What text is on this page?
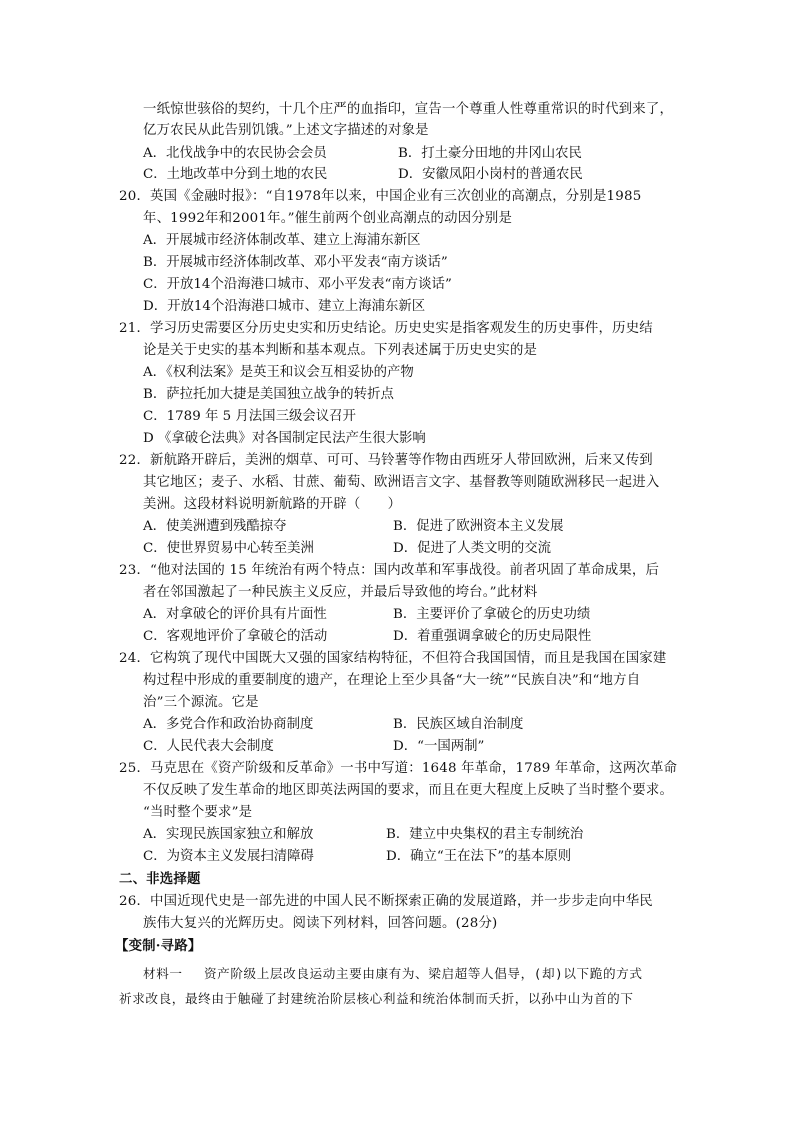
一纸惊世骇俗的契约，十几个庄严的血指印，宣告一个尊重人性尊重常识的时代到来了，
亿万农民从此告别饥饿。”上述文字描述的对象是
A．北伐战争中的农民协会会员	B．打土豪分田地的井冈山农民
C．土地改革中分到土地的农民	D．安徽凤阳小岗村的普通农民
20．英国《金融时报》：“自1978年以来，中国企业有三次创业的高潮点，分别是1985
年、1992年和2001年。”催生前两个创业高潮点的动因分别是
A．开展城市经济体制改革、建立上海浦东新区
B．开展城市经济体制改革、邓小平发表“南方谈话”
C．开放14个沿海港口城市、邓小平发表“南方谈话”
D．开放14个沿海港口城市、建立上海浦东新区
21．学习历史需要区分历史史实和历史结论。历史史实是指客观发生的历史事件，历史结
论是关于史实的基本判断和基本观点。下列表述属于历史史实的是
A．《权利法案》是英王和议会互相妥协的产物
B．萨拉托加大捷是美国独立战争的转折点
C．1789 年 5 月法国三级会议召开
D 《拿破仑法典》对各国制定民法产生很大影响
22．新航路开辟后，美洲的烟草、可可、马铃薯等作物由西班牙人带回欧洲，后来又传到
其它地区；麦子、水稻、甘蔗、葡萄、欧洲语言文字、基督教等则随欧洲移民一起进入
美洲。这段材料说明新航路的开辟（　　）
A．使美洲遭到残酷掠夺	B．促进了欧洲资本主义发展
C．使世界贸易中心转至美洲	D．促进了人类文明的交流
23．“他对法国的 15 年统治有两个特点：国内改革和军事战役。前者巩固了革命成果，后
者在邻国激起了一种民族主义反应，并最后导致他的垮台。”此材料
A．对拿破仑的评价具有片面性	B．主要评价了拿破仑的历史功绩
C．客观地评价了拿破仑的活动	D．着重强调拿破仑的历史局限性
24．它构筑了现代中国既大又强的国家结构特征，不但符合我国国情，而且是我国在国家建
构过程中形成的重要制度的遗产，在理论上至少具备“大一统”“民族自决”和“地方自
治”三个源流。它是
A．多党合作和政治协商制度	B．民族区域自治制度
C．人民代表大会制度	D．“一国两制”
25．马克思在《资产阶级和反革命》一书中写道：1648 年革命，1789 年革命，这两次革命
不仅反映了发生革命的地区即英法两国的要求，而且在更大程度上反映了当时整个要求。
“当时整个要求”是
A．实现民族国家独立和解放	B．建立中央集权的君主专制统治
C．为资本主义发展扫清障碍	D．确立“王在法下”的基本原则
二、非选择题
26．中国近现代史是一部先进的中国人民不断探索正确的发展道路，并一步步走向中华民
族伟大复兴的光辉历史。阅读下列材料，回答问题。(28分)
【变制·寻路】
材料一　 资产阶级上层改良运动主要由康有为、梁启超等人倡导，(却)以下跪的方式
祈求改良，最终由于触碰了封建统治阶层核心利益和统治体制而夭折，以孙中山为首的下
